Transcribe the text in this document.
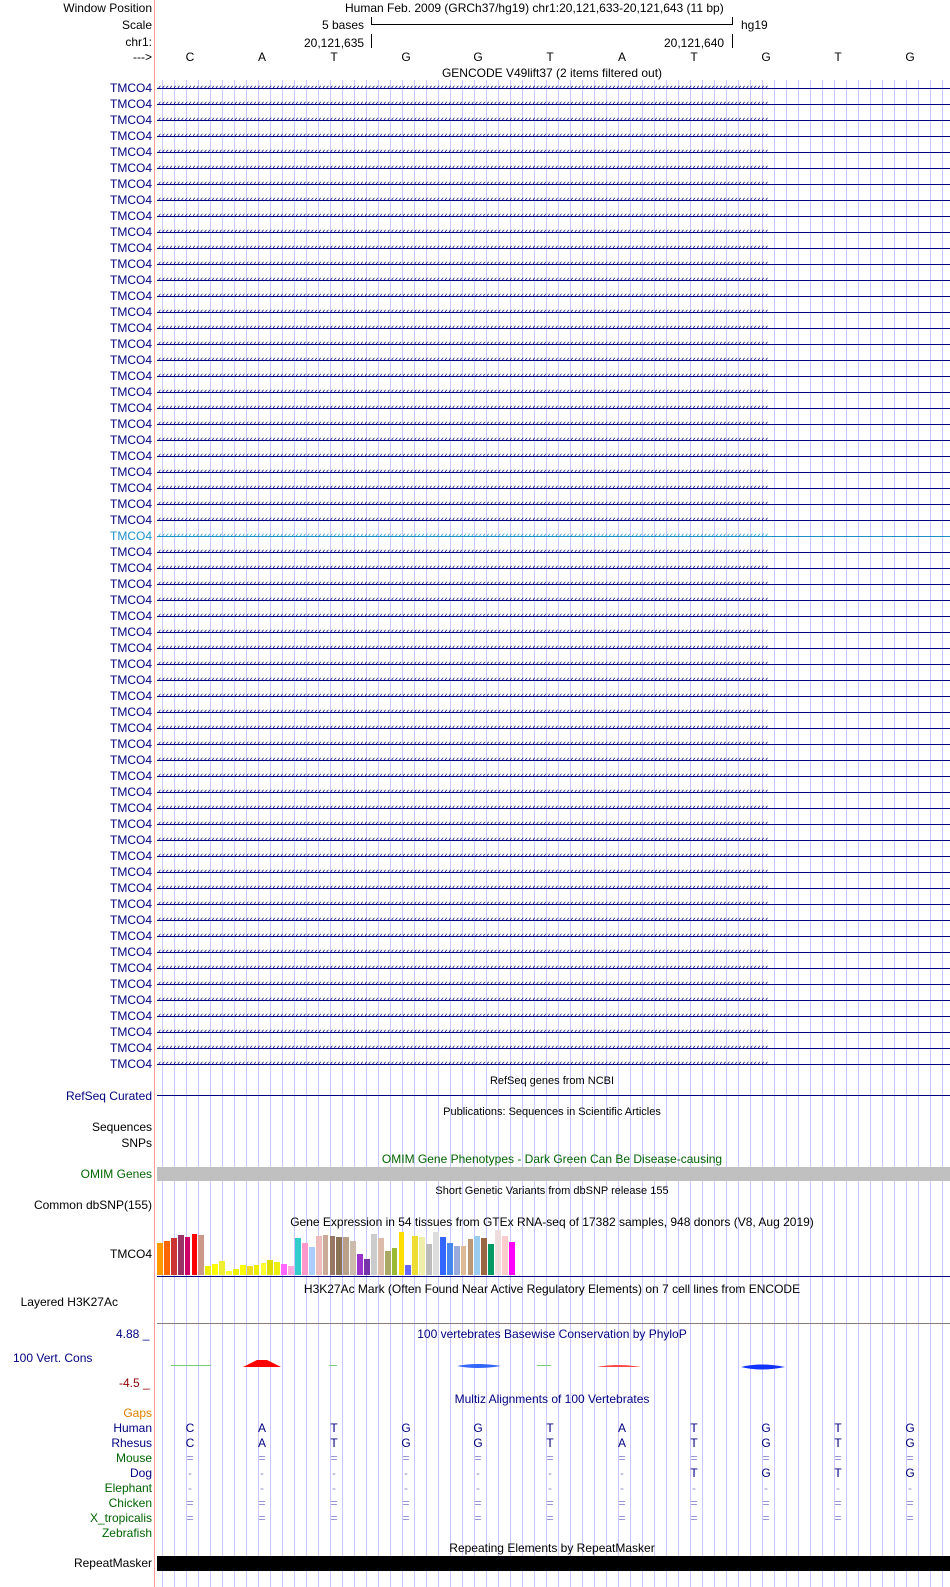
Window Position
Scale
chr1:
--->
Human Feb. 2009 (GRCh37/hg19) chr1:20,121,633-20,121,643 (11 bp)
5 bases	hg19
20,121,635	20,121,640
C	A	T	G	G	T	A	T	G	T	G
GENCODE V49lift37 (2 items filtered out)
TMCO4 ‹‹‹‹‹‹‹‹‹‹‹‹‹‹‹‹‹‹‹‹‹‹‹‹‹‹‹‹‹‹‹‹‹‹‹‹‹‹‹‹‹‹‹‹‹‹‹‹‹‹‹‹‹‹‹‹‹‹‹‹‹‹‹‹‹‹‹‹‹‹‹‹‹‹‹‹‹‹‹‹‹‹‹‹‹‹‹‹‹‹‹‹‹‹‹‹‹‹‹‹‹‹‹‹‹‹‹‹‹‹‹‹‹‹‹‹‹‹‹‹‹‹‹‹‹‹‹‹‹‹‹‹‹‹‹‹‹‹‹‹‹‹‹‹‹‹‹‹‹‹‹‹‹‹‹‹‹‹‹‹
TMCO4 ‹‹‹‹‹‹‹‹‹‹‹‹‹‹‹‹‹‹‹‹‹‹‹‹‹‹‹‹‹‹‹‹‹‹‹‹‹‹‹‹‹‹‹‹‹‹‹‹‹‹‹‹‹‹‹‹‹‹‹‹‹‹‹‹‹‹‹‹‹‹‹‹‹‹‹‹‹‹‹‹‹‹‹‹‹‹‹‹‹‹‹‹‹‹‹‹‹‹‹‹‹‹‹‹‹‹‹‹‹‹‹‹‹‹‹‹‹‹‹‹‹‹‹‹‹‹‹‹‹‹‹‹‹‹‹‹‹‹‹‹‹‹‹‹‹‹‹‹‹‹‹‹‹‹‹‹‹‹‹‹
TMCO4 ‹‹‹‹‹‹‹‹‹‹‹‹‹‹‹‹‹‹‹‹‹‹‹‹‹‹‹‹‹‹‹‹‹‹‹‹‹‹‹‹‹‹‹‹‹‹‹‹‹‹‹‹‹‹‹‹‹‹‹‹‹‹‹‹‹‹‹‹‹‹‹‹‹‹‹‹‹‹‹‹‹‹‹‹‹‹‹‹‹‹‹‹‹‹‹‹‹‹‹‹‹‹‹‹‹‹‹‹‹‹‹‹‹‹‹‹‹‹‹‹‹‹‹‹‹‹‹‹‹‹‹‹‹‹‹‹‹‹‹‹‹‹‹‹‹‹‹‹‹‹‹‹‹‹‹‹‹‹‹‹
TMCO4 ‹‹‹‹‹‹‹‹‹‹‹‹‹‹‹‹‹‹‹‹‹‹‹‹‹‹‹‹‹‹‹‹‹‹‹‹‹‹‹‹‹‹‹‹‹‹‹‹‹‹‹‹‹‹‹‹‹‹‹‹‹‹‹‹‹‹‹‹‹‹‹‹‹‹‹‹‹‹‹‹‹‹‹‹‹‹‹‹‹‹‹‹‹‹‹‹‹‹‹‹‹‹‹‹‹‹‹‹‹‹‹‹‹‹‹‹‹‹‹‹‹‹‹‹‹‹‹‹‹‹‹‹‹‹‹‹‹‹‹‹‹‹‹‹‹‹‹‹‹‹‹‹‹‹‹‹‹‹‹‹
TMCO4 ‹‹‹‹‹‹‹‹‹‹‹‹‹‹‹‹‹‹‹‹‹‹‹‹‹‹‹‹‹‹‹‹‹‹‹‹‹‹‹‹‹‹‹‹‹‹‹‹‹‹‹‹‹‹‹‹‹‹‹‹‹‹‹‹‹‹‹‹‹‹‹‹‹‹‹‹‹‹‹‹‹‹‹‹‹‹‹‹‹‹‹‹‹‹‹‹‹‹‹‹‹‹‹‹‹‹‹‹‹‹‹‹‹‹‹‹‹‹‹‹‹‹‹‹‹‹‹‹‹‹‹‹‹‹‹‹‹‹‹‹‹‹‹‹‹‹‹‹‹‹‹‹‹‹‹‹‹‹‹‹
TMCO4 ‹‹‹‹‹‹‹‹‹‹‹‹‹‹‹‹‹‹‹‹‹‹‹‹‹‹‹‹‹‹‹‹‹‹‹‹‹‹‹‹‹‹‹‹‹‹‹‹‹‹‹‹‹‹‹‹‹‹‹‹‹‹‹‹‹‹‹‹‹‹‹‹‹‹‹‹‹‹‹‹‹‹‹‹‹‹‹‹‹‹‹‹‹‹‹‹‹‹‹‹‹‹‹‹‹‹‹‹‹‹‹‹‹‹‹‹‹‹‹‹‹‹‹‹‹‹‹‹‹‹‹‹‹‹‹‹‹‹‹‹‹‹‹‹‹‹‹‹‹‹‹‹‹‹‹‹‹‹‹‹
TMCO4 ‹‹‹‹‹‹‹‹‹‹‹‹‹‹‹‹‹‹‹‹‹‹‹‹‹‹‹‹‹‹‹‹‹‹‹‹‹‹‹‹‹‹‹‹‹‹‹‹‹‹‹‹‹‹‹‹‹‹‹‹‹‹‹‹‹‹‹‹‹‹‹‹‹‹‹‹‹‹‹‹‹‹‹‹‹‹‹‹‹‹‹‹‹‹‹‹‹‹‹‹‹‹‹‹‹‹‹‹‹‹‹‹‹‹‹‹‹‹‹‹‹‹‹‹‹‹‹‹‹‹‹‹‹‹‹‹‹‹‹‹‹‹‹‹‹‹‹‹‹‹‹‹‹‹‹‹‹‹‹‹
TMCO4 ‹‹‹‹‹‹‹‹‹‹‹‹‹‹‹‹‹‹‹‹‹‹‹‹‹‹‹‹‹‹‹‹‹‹‹‹‹‹‹‹‹‹‹‹‹‹‹‹‹‹‹‹‹‹‹‹‹‹‹‹‹‹‹‹‹‹‹‹‹‹‹‹‹‹‹‹‹‹‹‹‹‹‹‹‹‹‹‹‹‹‹‹‹‹‹‹‹‹‹‹‹‹‹‹‹‹‹‹‹‹‹‹‹‹‹‹‹‹‹‹‹‹‹‹‹‹‹‹‹‹‹‹‹‹‹‹‹‹‹‹‹‹‹‹‹‹‹‹‹‹‹‹‹‹‹‹‹‹‹‹
TMCO4 ‹‹‹‹‹‹‹‹‹‹‹‹‹‹‹‹‹‹‹‹‹‹‹‹‹‹‹‹‹‹‹‹‹‹‹‹‹‹‹‹‹‹‹‹‹‹‹‹‹‹‹‹‹‹‹‹‹‹‹‹‹‹‹‹‹‹‹‹‹‹‹‹‹‹‹‹‹‹‹‹‹‹‹‹‹‹‹‹‹‹‹‹‹‹‹‹‹‹‹‹‹‹‹‹‹‹‹‹‹‹‹‹‹‹‹‹‹‹‹‹‹‹‹‹‹‹‹‹‹‹‹‹‹‹‹‹‹‹‹‹‹‹‹‹‹‹‹‹‹‹‹‹‹‹‹‹‹‹‹‹
TMCO4 ‹‹‹‹‹‹‹‹‹‹‹‹‹‹‹‹‹‹‹‹‹‹‹‹‹‹‹‹‹‹‹‹‹‹‹‹‹‹‹‹‹‹‹‹‹‹‹‹‹‹‹‹‹‹‹‹‹‹‹‹‹‹‹‹‹‹‹‹‹‹‹‹‹‹‹‹‹‹‹‹‹‹‹‹‹‹‹‹‹‹‹‹‹‹‹‹‹‹‹‹‹‹‹‹‹‹‹‹‹‹‹‹‹‹‹‹‹‹‹‹‹‹‹‹‹‹‹‹‹‹‹‹‹‹‹‹‹‹‹‹‹‹‹‹‹‹‹‹‹‹‹‹‹‹‹‹‹‹‹‹
TMCO4 ‹‹‹‹‹‹‹‹‹‹‹‹‹‹‹‹‹‹‹‹‹‹‹‹‹‹‹‹‹‹‹‹‹‹‹‹‹‹‹‹‹‹‹‹‹‹‹‹‹‹‹‹‹‹‹‹‹‹‹‹‹‹‹‹‹‹‹‹‹‹‹‹‹‹‹‹‹‹‹‹‹‹‹‹‹‹‹‹‹‹‹‹‹‹‹‹‹‹‹‹‹‹‹‹‹‹‹‹‹‹‹‹‹‹‹‹‹‹‹‹‹‹‹‹‹‹‹‹‹‹‹‹‹‹‹‹‹‹‹‹‹‹‹‹‹‹‹‹‹‹‹‹‹‹‹‹‹‹‹‹
TMCO4 ‹‹‹‹‹‹‹‹‹‹‹‹‹‹‹‹‹‹‹‹‹‹‹‹‹‹‹‹‹‹‹‹‹‹‹‹‹‹‹‹‹‹‹‹‹‹‹‹‹‹‹‹‹‹‹‹‹‹‹‹‹‹‹‹‹‹‹‹‹‹‹‹‹‹‹‹‹‹‹‹‹‹‹‹‹‹‹‹‹‹‹‹‹‹‹‹‹‹‹‹‹‹‹‹‹‹‹‹‹‹‹‹‹‹‹‹‹‹‹‹‹‹‹‹‹‹‹‹‹‹‹‹‹‹‹‹‹‹‹‹‹‹‹‹‹‹‹‹‹‹‹‹‹‹‹‹‹‹‹‹
TMCO4 ‹‹‹‹‹‹‹‹‹‹‹‹‹‹‹‹‹‹‹‹‹‹‹‹‹‹‹‹‹‹‹‹‹‹‹‹‹‹‹‹‹‹‹‹‹‹‹‹‹‹‹‹‹‹‹‹‹‹‹‹‹‹‹‹‹‹‹‹‹‹‹‹‹‹‹‹‹‹‹‹‹‹‹‹‹‹‹‹‹‹‹‹‹‹‹‹‹‹‹‹‹‹‹‹‹‹‹‹‹‹‹‹‹‹‹‹‹‹‹‹‹‹‹‹‹‹‹‹‹‹‹‹‹‹‹‹‹‹‹‹‹‹‹‹‹‹‹‹‹‹‹‹‹‹‹‹‹‹‹‹
TMCO4 ‹‹‹‹‹‹‹‹‹‹‹‹‹‹‹‹‹‹‹‹‹‹‹‹‹‹‹‹‹‹‹‹‹‹‹‹‹‹‹‹‹‹‹‹‹‹‹‹‹‹‹‹‹‹‹‹‹‹‹‹‹‹‹‹‹‹‹‹‹‹‹‹‹‹‹‹‹‹‹‹‹‹‹‹‹‹‹‹‹‹‹‹‹‹‹‹‹‹‹‹‹‹‹‹‹‹‹‹‹‹‹‹‹‹‹‹‹‹‹‹‹‹‹‹‹‹‹‹‹‹‹‹‹‹‹‹‹‹‹‹‹‹‹‹‹‹‹‹‹‹‹‹‹‹‹‹‹‹‹‹
TMCO4 ‹‹‹‹‹‹‹‹‹‹‹‹‹‹‹‹‹‹‹‹‹‹‹‹‹‹‹‹‹‹‹‹‹‹‹‹‹‹‹‹‹‹‹‹‹‹‹‹‹‹‹‹‹‹‹‹‹‹‹‹‹‹‹‹‹‹‹‹‹‹‹‹‹‹‹‹‹‹‹‹‹‹‹‹‹‹‹‹‹‹‹‹‹‹‹‹‹‹‹‹‹‹‹‹‹‹‹‹‹‹‹‹‹‹‹‹‹‹‹‹‹‹‹‹‹‹‹‹‹‹‹‹‹‹‹‹‹‹‹‹‹‹‹‹‹‹‹‹‹‹‹‹‹‹‹‹‹‹‹‹
TMCO4 ‹‹‹‹‹‹‹‹‹‹‹‹‹‹‹‹‹‹‹‹‹‹‹‹‹‹‹‹‹‹‹‹‹‹‹‹‹‹‹‹‹‹‹‹‹‹‹‹‹‹‹‹‹‹‹‹‹‹‹‹‹‹‹‹‹‹‹‹‹‹‹‹‹‹‹‹‹‹‹‹‹‹‹‹‹‹‹‹‹‹‹‹‹‹‹‹‹‹‹‹‹‹‹‹‹‹‹‹‹‹‹‹‹‹‹‹‹‹‹‹‹‹‹‹‹‹‹‹‹‹‹‹‹‹‹‹‹‹‹‹‹‹‹‹‹‹‹‹‹‹‹‹‹‹‹‹‹‹‹‹
TMCO4 ‹‹‹‹‹‹‹‹‹‹‹‹‹‹‹‹‹‹‹‹‹‹‹‹‹‹‹‹‹‹‹‹‹‹‹‹‹‹‹‹‹‹‹‹‹‹‹‹‹‹‹‹‹‹‹‹‹‹‹‹‹‹‹‹‹‹‹‹‹‹‹‹‹‹‹‹‹‹‹‹‹‹‹‹‹‹‹‹‹‹‹‹‹‹‹‹‹‹‹‹‹‹‹‹‹‹‹‹‹‹‹‹‹‹‹‹‹‹‹‹‹‹‹‹‹‹‹‹‹‹‹‹‹‹‹‹‹‹‹‹‹‹‹‹‹‹‹‹‹‹‹‹‹‹‹‹‹‹‹‹
TMCO4 ‹‹‹‹‹‹‹‹‹‹‹‹‹‹‹‹‹‹‹‹‹‹‹‹‹‹‹‹‹‹‹‹‹‹‹‹‹‹‹‹‹‹‹‹‹‹‹‹‹‹‹‹‹‹‹‹‹‹‹‹‹‹‹‹‹‹‹‹‹‹‹‹‹‹‹‹‹‹‹‹‹‹‹‹‹‹‹‹‹‹‹‹‹‹‹‹‹‹‹‹‹‹‹‹‹‹‹‹‹‹‹‹‹‹‹‹‹‹‹‹‹‹‹‹‹‹‹‹‹‹‹‹‹‹‹‹‹‹‹‹‹‹‹‹‹‹‹‹‹‹‹‹‹‹‹‹‹‹‹‹
TMCO4 ‹‹‹‹‹‹‹‹‹‹‹‹‹‹‹‹‹‹‹‹‹‹‹‹‹‹‹‹‹‹‹‹‹‹‹‹‹‹‹‹‹‹‹‹‹‹‹‹‹‹‹‹‹‹‹‹‹‹‹‹‹‹‹‹‹‹‹‹‹‹‹‹‹‹‹‹‹‹‹‹‹‹‹‹‹‹‹‹‹‹‹‹‹‹‹‹‹‹‹‹‹‹‹‹‹‹‹‹‹‹‹‹‹‹‹‹‹‹‹‹‹‹‹‹‹‹‹‹‹‹‹‹‹‹‹‹‹‹‹‹‹‹‹‹‹‹‹‹‹‹‹‹‹‹‹‹‹‹‹‹
TMCO4 ‹‹‹‹‹‹‹‹‹‹‹‹‹‹‹‹‹‹‹‹‹‹‹‹‹‹‹‹‹‹‹‹‹‹‹‹‹‹‹‹‹‹‹‹‹‹‹‹‹‹‹‹‹‹‹‹‹‹‹‹‹‹‹‹‹‹‹‹‹‹‹‹‹‹‹‹‹‹‹‹‹‹‹‹‹‹‹‹‹‹‹‹‹‹‹‹‹‹‹‹‹‹‹‹‹‹‹‹‹‹‹‹‹‹‹‹‹‹‹‹‹‹‹‹‹‹‹‹‹‹‹‹‹‹‹‹‹‹‹‹‹‹‹‹‹‹‹‹‹‹‹‹‹‹‹‹‹‹‹‹
TMCO4 ‹‹‹‹‹‹‹‹‹‹‹‹‹‹‹‹‹‹‹‹‹‹‹‹‹‹‹‹‹‹‹‹‹‹‹‹‹‹‹‹‹‹‹‹‹‹‹‹‹‹‹‹‹‹‹‹‹‹‹‹‹‹‹‹‹‹‹‹‹‹‹‹‹‹‹‹‹‹‹‹‹‹‹‹‹‹‹‹‹‹‹‹‹‹‹‹‹‹‹‹‹‹‹‹‹‹‹‹‹‹‹‹‹‹‹‹‹‹‹‹‹‹‹‹‹‹‹‹‹‹‹‹‹‹‹‹‹‹‹‹‹‹‹‹‹‹‹‹‹‹‹‹‹‹‹‹‹‹‹‹
TMCO4 ‹‹‹‹‹‹‹‹‹‹‹‹‹‹‹‹‹‹‹‹‹‹‹‹‹‹‹‹‹‹‹‹‹‹‹‹‹‹‹‹‹‹‹‹‹‹‹‹‹‹‹‹‹‹‹‹‹‹‹‹‹‹‹‹‹‹‹‹‹‹‹‹‹‹‹‹‹‹‹‹‹‹‹‹‹‹‹‹‹‹‹‹‹‹‹‹‹‹‹‹‹‹‹‹‹‹‹‹‹‹‹‹‹‹‹‹‹‹‹‹‹‹‹‹‹‹‹‹‹‹‹‹‹‹‹‹‹‹‹‹‹‹‹‹‹‹‹‹‹‹‹‹‹‹‹‹‹‹‹‹
TMCO4 ‹‹‹‹‹‹‹‹‹‹‹‹‹‹‹‹‹‹‹‹‹‹‹‹‹‹‹‹‹‹‹‹‹‹‹‹‹‹‹‹‹‹‹‹‹‹‹‹‹‹‹‹‹‹‹‹‹‹‹‹‹‹‹‹‹‹‹‹‹‹‹‹‹‹‹‹‹‹‹‹‹‹‹‹‹‹‹‹‹‹‹‹‹‹‹‹‹‹‹‹‹‹‹‹‹‹‹‹‹‹‹‹‹‹‹‹‹‹‹‹‹‹‹‹‹‹‹‹‹‹‹‹‹‹‹‹‹‹‹‹‹‹‹‹‹‹‹‹‹‹‹‹‹‹‹‹‹‹‹‹
TMCO4 ‹‹‹‹‹‹‹‹‹‹‹‹‹‹‹‹‹‹‹‹‹‹‹‹‹‹‹‹‹‹‹‹‹‹‹‹‹‹‹‹‹‹‹‹‹‹‹‹‹‹‹‹‹‹‹‹‹‹‹‹‹‹‹‹‹‹‹‹‹‹‹‹‹‹‹‹‹‹‹‹‹‹‹‹‹‹‹‹‹‹‹‹‹‹‹‹‹‹‹‹‹‹‹‹‹‹‹‹‹‹‹‹‹‹‹‹‹‹‹‹‹‹‹‹‹‹‹‹‹‹‹‹‹‹‹‹‹‹‹‹‹‹‹‹‹‹‹‹‹‹‹‹‹‹‹‹‹‹‹‹
TMCO4 ‹‹‹‹‹‹‹‹‹‹‹‹‹‹‹‹‹‹‹‹‹‹‹‹‹‹‹‹‹‹‹‹‹‹‹‹‹‹‹‹‹‹‹‹‹‹‹‹‹‹‹‹‹‹‹‹‹‹‹‹‹‹‹‹‹‹‹‹‹‹‹‹‹‹‹‹‹‹‹‹‹‹‹‹‹‹‹‹‹‹‹‹‹‹‹‹‹‹‹‹‹‹‹‹‹‹‹‹‹‹‹‹‹‹‹‹‹‹‹‹‹‹‹‹‹‹‹‹‹‹‹‹‹‹‹‹‹‹‹‹‹‹‹‹‹‹‹‹‹‹‹‹‹‹‹‹‹‹‹‹
TMCO4 ‹‹‹‹‹‹‹‹‹‹‹‹‹‹‹‹‹‹‹‹‹‹‹‹‹‹‹‹‹‹‹‹‹‹‹‹‹‹‹‹‹‹‹‹‹‹‹‹‹‹‹‹‹‹‹‹‹‹‹‹‹‹‹‹‹‹‹‹‹‹‹‹‹‹‹‹‹‹‹‹‹‹‹‹‹‹‹‹‹‹‹‹‹‹‹‹‹‹‹‹‹‹‹‹‹‹‹‹‹‹‹‹‹‹‹‹‹‹‹‹‹‹‹‹‹‹‹‹‹‹‹‹‹‹‹‹‹‹‹‹‹‹‹‹‹‹‹‹‹‹‹‹‹‹‹‹‹‹‹‹
TMCO4 ‹‹‹‹‹‹‹‹‹‹‹‹‹‹‹‹‹‹‹‹‹‹‹‹‹‹‹‹‹‹‹‹‹‹‹‹‹‹‹‹‹‹‹‹‹‹‹‹‹‹‹‹‹‹‹‹‹‹‹‹‹‹‹‹‹‹‹‹‹‹‹‹‹‹‹‹‹‹‹‹‹‹‹‹‹‹‹‹‹‹‹‹‹‹‹‹‹‹‹‹‹‹‹‹‹‹‹‹‹‹‹‹‹‹‹‹‹‹‹‹‹‹‹‹‹‹‹‹‹‹‹‹‹‹‹‹‹‹‹‹‹‹‹‹‹‹‹‹‹‹‹‹‹‹‹‹‹‹‹‹
TMCO4 ‹‹‹‹‹‹‹‹‹‹‹‹‹‹‹‹‹‹‹‹‹‹‹‹‹‹‹‹‹‹‹‹‹‹‹‹‹‹‹‹‹‹‹‹‹‹‹‹‹‹‹‹‹‹‹‹‹‹‹‹‹‹‹‹‹‹‹‹‹‹‹‹‹‹‹‹‹‹‹‹‹‹‹‹‹‹‹‹‹‹‹‹‹‹‹‹‹‹‹‹‹‹‹‹‹‹‹‹‹‹‹‹‹‹‹‹‹‹‹‹‹‹‹‹‹‹‹‹‹‹‹‹‹‹‹‹‹‹‹‹‹‹‹‹‹‹‹‹‹‹‹‹‹‹‹‹‹‹‹‹
TMCO4 ‹‹‹‹‹‹‹‹‹‹‹‹‹‹‹‹‹‹‹‹‹‹‹‹‹‹‹‹‹‹‹‹‹‹‹‹‹‹‹‹‹‹‹‹‹‹‹‹‹‹‹‹‹‹‹‹‹‹‹‹‹‹‹‹‹‹‹‹‹‹‹‹‹‹‹‹‹‹‹‹‹‹‹‹‹‹‹‹‹‹‹‹‹‹‹‹‹‹‹‹‹‹‹‹‹‹‹‹‹‹‹‹‹‹‹‹‹‹‹‹‹‹‹‹‹‹‹‹‹‹‹‹‹‹‹‹‹‹‹‹‹‹‹‹‹‹‹‹‹‹‹‹‹‹‹‹‹‹‹‹
TMCO4 ‹‹‹‹‹‹‹‹‹‹‹‹‹‹‹‹‹‹‹‹‹‹‹‹‹‹‹‹‹‹‹‹‹‹‹‹‹‹‹‹‹‹‹‹‹‹‹‹‹‹‹‹‹‹‹‹‹‹‹‹‹‹‹‹‹‹‹‹‹‹‹‹‹‹‹‹‹‹‹‹‹‹‹‹‹‹‹‹‹‹‹‹‹‹‹‹‹‹‹‹‹‹‹‹‹‹‹‹‹‹‹‹‹‹‹‹‹‹‹‹‹‹‹‹‹‹‹‹‹‹‹‹‹‹‹‹‹‹‹‹‹‹‹‹‹‹‹‹‹‹‹‹‹‹‹‹‹‹‹‹
TMCO4 ‹‹‹‹‹‹‹‹‹‹‹‹‹‹‹‹‹‹‹‹‹‹‹‹‹‹‹‹‹‹‹‹‹‹‹‹‹‹‹‹‹‹‹‹‹‹‹‹‹‹‹‹‹‹‹‹‹‹‹‹‹‹‹‹‹‹‹‹‹‹‹‹‹‹‹‹‹‹‹‹‹‹‹‹‹‹‹‹‹‹‹‹‹‹‹‹‹‹‹‹‹‹‹‹‹‹‹‹‹‹‹‹‹‹‹‹‹‹‹‹‹‹‹‹‹‹‹‹‹‹‹‹‹‹‹‹‹‹‹‹‹‹‹‹‹‹‹‹‹‹‹‹‹‹‹‹‹‹‹‹
TMCO4 ‹‹‹‹‹‹‹‹‹‹‹‹‹‹‹‹‹‹‹‹‹‹‹‹‹‹‹‹‹‹‹‹‹‹‹‹‹‹‹‹‹‹‹‹‹‹‹‹‹‹‹‹‹‹‹‹‹‹‹‹‹‹‹‹‹‹‹‹‹‹‹‹‹‹‹‹‹‹‹‹‹‹‹‹‹‹‹‹‹‹‹‹‹‹‹‹‹‹‹‹‹‹‹‹‹‹‹‹‹‹‹‹‹‹‹‹‹‹‹‹‹‹‹‹‹‹‹‹‹‹‹‹‹‹‹‹‹‹‹‹‹‹‹‹‹‹‹‹‹‹‹‹‹‹‹‹‹‹‹‹
TMCO4 ‹‹‹‹‹‹‹‹‹‹‹‹‹‹‹‹‹‹‹‹‹‹‹‹‹‹‹‹‹‹‹‹‹‹‹‹‹‹‹‹‹‹‹‹‹‹‹‹‹‹‹‹‹‹‹‹‹‹‹‹‹‹‹‹‹‹‹‹‹‹‹‹‹‹‹‹‹‹‹‹‹‹‹‹‹‹‹‹‹‹‹‹‹‹‹‹‹‹‹‹‹‹‹‹‹‹‹‹‹‹‹‹‹‹‹‹‹‹‹‹‹‹‹‹‹‹‹‹‹‹‹‹‹‹‹‹‹‹‹‹‹‹‹‹‹‹‹‹‹‹‹‹‹‹‹‹‹‹‹‹
TMCO4 ‹‹‹‹‹‹‹‹‹‹‹‹‹‹‹‹‹‹‹‹‹‹‹‹‹‹‹‹‹‹‹‹‹‹‹‹‹‹‹‹‹‹‹‹‹‹‹‹‹‹‹‹‹‹‹‹‹‹‹‹‹‹‹‹‹‹‹‹‹‹‹‹‹‹‹‹‹‹‹‹‹‹‹‹‹‹‹‹‹‹‹‹‹‹‹‹‹‹‹‹‹‹‹‹‹‹‹‹‹‹‹‹‹‹‹‹‹‹‹‹‹‹‹‹‹‹‹‹‹‹‹‹‹‹‹‹‹‹‹‹‹‹‹‹‹‹‹‹‹‹‹‹‹‹‹‹‹‹‹‹
TMCO4 ‹‹‹‹‹‹‹‹‹‹‹‹‹‹‹‹‹‹‹‹‹‹‹‹‹‹‹‹‹‹‹‹‹‹‹‹‹‹‹‹‹‹‹‹‹‹‹‹‹‹‹‹‹‹‹‹‹‹‹‹‹‹‹‹‹‹‹‹‹‹‹‹‹‹‹‹‹‹‹‹‹‹‹‹‹‹‹‹‹‹‹‹‹‹‹‹‹‹‹‹‹‹‹‹‹‹‹‹‹‹‹‹‹‹‹‹‹‹‹‹‹‹‹‹‹‹‹‹‹‹‹‹‹‹‹‹‹‹‹‹‹‹‹‹‹‹‹‹‹‹‹‹‹‹‹‹‹‹‹‹
TMCO4 ‹‹‹‹‹‹‹‹‹‹‹‹‹‹‹‹‹‹‹‹‹‹‹‹‹‹‹‹‹‹‹‹‹‹‹‹‹‹‹‹‹‹‹‹‹‹‹‹‹‹‹‹‹‹‹‹‹‹‹‹‹‹‹‹‹‹‹‹‹‹‹‹‹‹‹‹‹‹‹‹‹‹‹‹‹‹‹‹‹‹‹‹‹‹‹‹‹‹‹‹‹‹‹‹‹‹‹‹‹‹‹‹‹‹‹‹‹‹‹‹‹‹‹‹‹‹‹‹‹‹‹‹‹‹‹‹‹‹‹‹‹‹‹‹‹‹‹‹‹‹‹‹‹‹‹‹‹‹‹‹
TMCO4 ‹‹‹‹‹‹‹‹‹‹‹‹‹‹‹‹‹‹‹‹‹‹‹‹‹‹‹‹‹‹‹‹‹‹‹‹‹‹‹‹‹‹‹‹‹‹‹‹‹‹‹‹‹‹‹‹‹‹‹‹‹‹‹‹‹‹‹‹‹‹‹‹‹‹‹‹‹‹‹‹‹‹‹‹‹‹‹‹‹‹‹‹‹‹‹‹‹‹‹‹‹‹‹‹‹‹‹‹‹‹‹‹‹‹‹‹‹‹‹‹‹‹‹‹‹‹‹‹‹‹‹‹‹‹‹‹‹‹‹‹‹‹‹‹‹‹‹‹‹‹‹‹‹‹‹‹‹‹‹‹
TMCO4 ‹‹‹‹‹‹‹‹‹‹‹‹‹‹‹‹‹‹‹‹‹‹‹‹‹‹‹‹‹‹‹‹‹‹‹‹‹‹‹‹‹‹‹‹‹‹‹‹‹‹‹‹‹‹‹‹‹‹‹‹‹‹‹‹‹‹‹‹‹‹‹‹‹‹‹‹‹‹‹‹‹‹‹‹‹‹‹‹‹‹‹‹‹‹‹‹‹‹‹‹‹‹‹‹‹‹‹‹‹‹‹‹‹‹‹‹‹‹‹‹‹‹‹‹‹‹‹‹‹‹‹‹‹‹‹‹‹‹‹‹‹‹‹‹‹‹‹‹‹‹‹‹‹‹‹‹‹‹‹‹
TMCO4 ‹‹‹‹‹‹‹‹‹‹‹‹‹‹‹‹‹‹‹‹‹‹‹‹‹‹‹‹‹‹‹‹‹‹‹‹‹‹‹‹‹‹‹‹‹‹‹‹‹‹‹‹‹‹‹‹‹‹‹‹‹‹‹‹‹‹‹‹‹‹‹‹‹‹‹‹‹‹‹‹‹‹‹‹‹‹‹‹‹‹‹‹‹‹‹‹‹‹‹‹‹‹‹‹‹‹‹‹‹‹‹‹‹‹‹‹‹‹‹‹‹‹‹‹‹‹‹‹‹‹‹‹‹‹‹‹‹‹‹‹‹‹‹‹‹‹‹‹‹‹‹‹‹‹‹‹‹‹‹‹
TMCO4 ‹‹‹‹‹‹‹‹‹‹‹‹‹‹‹‹‹‹‹‹‹‹‹‹‹‹‹‹‹‹‹‹‹‹‹‹‹‹‹‹‹‹‹‹‹‹‹‹‹‹‹‹‹‹‹‹‹‹‹‹‹‹‹‹‹‹‹‹‹‹‹‹‹‹‹‹‹‹‹‹‹‹‹‹‹‹‹‹‹‹‹‹‹‹‹‹‹‹‹‹‹‹‹‹‹‹‹‹‹‹‹‹‹‹‹‹‹‹‹‹‹‹‹‹‹‹‹‹‹‹‹‹‹‹‹‹‹‹‹‹‹‹‹‹‹‹‹‹‹‹‹‹‹‹‹‹‹‹‹‹
TMCO4 ‹‹‹‹‹‹‹‹‹‹‹‹‹‹‹‹‹‹‹‹‹‹‹‹‹‹‹‹‹‹‹‹‹‹‹‹‹‹‹‹‹‹‹‹‹‹‹‹‹‹‹‹‹‹‹‹‹‹‹‹‹‹‹‹‹‹‹‹‹‹‹‹‹‹‹‹‹‹‹‹‹‹‹‹‹‹‹‹‹‹‹‹‹‹‹‹‹‹‹‹‹‹‹‹‹‹‹‹‹‹‹‹‹‹‹‹‹‹‹‹‹‹‹‹‹‹‹‹‹‹‹‹‹‹‹‹‹‹‹‹‹‹‹‹‹‹‹‹‹‹‹‹‹‹‹‹‹‹‹‹
TMCO4 ‹‹‹‹‹‹‹‹‹‹‹‹‹‹‹‹‹‹‹‹‹‹‹‹‹‹‹‹‹‹‹‹‹‹‹‹‹‹‹‹‹‹‹‹‹‹‹‹‹‹‹‹‹‹‹‹‹‹‹‹‹‹‹‹‹‹‹‹‹‹‹‹‹‹‹‹‹‹‹‹‹‹‹‹‹‹‹‹‹‹‹‹‹‹‹‹‹‹‹‹‹‹‹‹‹‹‹‹‹‹‹‹‹‹‹‹‹‹‹‹‹‹‹‹‹‹‹‹‹‹‹‹‹‹‹‹‹‹‹‹‹‹‹‹‹‹‹‹‹‹‹‹‹‹‹‹‹‹‹‹
TMCO4 ‹‹‹‹‹‹‹‹‹‹‹‹‹‹‹‹‹‹‹‹‹‹‹‹‹‹‹‹‹‹‹‹‹‹‹‹‹‹‹‹‹‹‹‹‹‹‹‹‹‹‹‹‹‹‹‹‹‹‹‹‹‹‹‹‹‹‹‹‹‹‹‹‹‹‹‹‹‹‹‹‹‹‹‹‹‹‹‹‹‹‹‹‹‹‹‹‹‹‹‹‹‹‹‹‹‹‹‹‹‹‹‹‹‹‹‹‹‹‹‹‹‹‹‹‹‹‹‹‹‹‹‹‹‹‹‹‹‹‹‹‹‹‹‹‹‹‹‹‹‹‹‹‹‹‹‹‹‹‹‹
TMCO4 ‹‹‹‹‹‹‹‹‹‹‹‹‹‹‹‹‹‹‹‹‹‹‹‹‹‹‹‹‹‹‹‹‹‹‹‹‹‹‹‹‹‹‹‹‹‹‹‹‹‹‹‹‹‹‹‹‹‹‹‹‹‹‹‹‹‹‹‹‹‹‹‹‹‹‹‹‹‹‹‹‹‹‹‹‹‹‹‹‹‹‹‹‹‹‹‹‹‹‹‹‹‹‹‹‹‹‹‹‹‹‹‹‹‹‹‹‹‹‹‹‹‹‹‹‹‹‹‹‹‹‹‹‹‹‹‹‹‹‹‹‹‹‹‹‹‹‹‹‹‹‹‹‹‹‹‹‹‹‹‹
TMCO4 ‹‹‹‹‹‹‹‹‹‹‹‹‹‹‹‹‹‹‹‹‹‹‹‹‹‹‹‹‹‹‹‹‹‹‹‹‹‹‹‹‹‹‹‹‹‹‹‹‹‹‹‹‹‹‹‹‹‹‹‹‹‹‹‹‹‹‹‹‹‹‹‹‹‹‹‹‹‹‹‹‹‹‹‹‹‹‹‹‹‹‹‹‹‹‹‹‹‹‹‹‹‹‹‹‹‹‹‹‹‹‹‹‹‹‹‹‹‹‹‹‹‹‹‹‹‹‹‹‹‹‹‹‹‹‹‹‹‹‹‹‹‹‹‹‹‹‹‹‹‹‹‹‹‹‹‹‹‹‹‹
TMCO4 ‹‹‹‹‹‹‹‹‹‹‹‹‹‹‹‹‹‹‹‹‹‹‹‹‹‹‹‹‹‹‹‹‹‹‹‹‹‹‹‹‹‹‹‹‹‹‹‹‹‹‹‹‹‹‹‹‹‹‹‹‹‹‹‹‹‹‹‹‹‹‹‹‹‹‹‹‹‹‹‹‹‹‹‹‹‹‹‹‹‹‹‹‹‹‹‹‹‹‹‹‹‹‹‹‹‹‹‹‹‹‹‹‹‹‹‹‹‹‹‹‹‹‹‹‹‹‹‹‹‹‹‹‹‹‹‹‹‹‹‹‹‹‹‹‹‹‹‹‹‹‹‹‹‹‹‹‹‹‹‹
TMCO4 ‹‹‹‹‹‹‹‹‹‹‹‹‹‹‹‹‹‹‹‹‹‹‹‹‹‹‹‹‹‹‹‹‹‹‹‹‹‹‹‹‹‹‹‹‹‹‹‹‹‹‹‹‹‹‹‹‹‹‹‹‹‹‹‹‹‹‹‹‹‹‹‹‹‹‹‹‹‹‹‹‹‹‹‹‹‹‹‹‹‹‹‹‹‹‹‹‹‹‹‹‹‹‹‹‹‹‹‹‹‹‹‹‹‹‹‹‹‹‹‹‹‹‹‹‹‹‹‹‹‹‹‹‹‹‹‹‹‹‹‹‹‹‹‹‹‹‹‹‹‹‹‹‹‹‹‹‹‹‹‹
TMCO4 ‹‹‹‹‹‹‹‹‹‹‹‹‹‹‹‹‹‹‹‹‹‹‹‹‹‹‹‹‹‹‹‹‹‹‹‹‹‹‹‹‹‹‹‹‹‹‹‹‹‹‹‹‹‹‹‹‹‹‹‹‹‹‹‹‹‹‹‹‹‹‹‹‹‹‹‹‹‹‹‹‹‹‹‹‹‹‹‹‹‹‹‹‹‹‹‹‹‹‹‹‹‹‹‹‹‹‹‹‹‹‹‹‹‹‹‹‹‹‹‹‹‹‹‹‹‹‹‹‹‹‹‹‹‹‹‹‹‹‹‹‹‹‹‹‹‹‹‹‹‹‹‹‹‹‹‹‹‹‹‹
TMCO4 ‹‹‹‹‹‹‹‹‹‹‹‹‹‹‹‹‹‹‹‹‹‹‹‹‹‹‹‹‹‹‹‹‹‹‹‹‹‹‹‹‹‹‹‹‹‹‹‹‹‹‹‹‹‹‹‹‹‹‹‹‹‹‹‹‹‹‹‹‹‹‹‹‹‹‹‹‹‹‹‹‹‹‹‹‹‹‹‹‹‹‹‹‹‹‹‹‹‹‹‹‹‹‹‹‹‹‹‹‹‹‹‹‹‹‹‹‹‹‹‹‹‹‹‹‹‹‹‹‹‹‹‹‹‹‹‹‹‹‹‹‹‹‹‹‹‹‹‹‹‹‹‹‹‹‹‹‹‹‹‹
TMCO4 ‹‹‹‹‹‹‹‹‹‹‹‹‹‹‹‹‹‹‹‹‹‹‹‹‹‹‹‹‹‹‹‹‹‹‹‹‹‹‹‹‹‹‹‹‹‹‹‹‹‹‹‹‹‹‹‹‹‹‹‹‹‹‹‹‹‹‹‹‹‹‹‹‹‹‹‹‹‹‹‹‹‹‹‹‹‹‹‹‹‹‹‹‹‹‹‹‹‹‹‹‹‹‹‹‹‹‹‹‹‹‹‹‹‹‹‹‹‹‹‹‹‹‹‹‹‹‹‹‹‹‹‹‹‹‹‹‹‹‹‹‹‹‹‹‹‹‹‹‹‹‹‹‹‹‹‹‹‹‹‹
TMCO4 ‹‹‹‹‹‹‹‹‹‹‹‹‹‹‹‹‹‹‹‹‹‹‹‹‹‹‹‹‹‹‹‹‹‹‹‹‹‹‹‹‹‹‹‹‹‹‹‹‹‹‹‹‹‹‹‹‹‹‹‹‹‹‹‹‹‹‹‹‹‹‹‹‹‹‹‹‹‹‹‹‹‹‹‹‹‹‹‹‹‹‹‹‹‹‹‹‹‹‹‹‹‹‹‹‹‹‹‹‹‹‹‹‹‹‹‹‹‹‹‹‹‹‹‹‹‹‹‹‹‹‹‹‹‹‹‹‹‹‹‹‹‹‹‹‹‹‹‹‹‹‹‹‹‹‹‹‹‹‹‹
TMCO4 ‹‹‹‹‹‹‹‹‹‹‹‹‹‹‹‹‹‹‹‹‹‹‹‹‹‹‹‹‹‹‹‹‹‹‹‹‹‹‹‹‹‹‹‹‹‹‹‹‹‹‹‹‹‹‹‹‹‹‹‹‹‹‹‹‹‹‹‹‹‹‹‹‹‹‹‹‹‹‹‹‹‹‹‹‹‹‹‹‹‹‹‹‹‹‹‹‹‹‹‹‹‹‹‹‹‹‹‹‹‹‹‹‹‹‹‹‹‹‹‹‹‹‹‹‹‹‹‹‹‹‹‹‹‹‹‹‹‹‹‹‹‹‹‹‹‹‹‹‹‹‹‹‹‹‹‹‹‹‹‹
TMCO4 ‹‹‹‹‹‹‹‹‹‹‹‹‹‹‹‹‹‹‹‹‹‹‹‹‹‹‹‹‹‹‹‹‹‹‹‹‹‹‹‹‹‹‹‹‹‹‹‹‹‹‹‹‹‹‹‹‹‹‹‹‹‹‹‹‹‹‹‹‹‹‹‹‹‹‹‹‹‹‹‹‹‹‹‹‹‹‹‹‹‹‹‹‹‹‹‹‹‹‹‹‹‹‹‹‹‹‹‹‹‹‹‹‹‹‹‹‹‹‹‹‹‹‹‹‹‹‹‹‹‹‹‹‹‹‹‹‹‹‹‹‹‹‹‹‹‹‹‹‹‹‹‹‹‹‹‹‹‹‹‹
TMCO4 ‹‹‹‹‹‹‹‹‹‹‹‹‹‹‹‹‹‹‹‹‹‹‹‹‹‹‹‹‹‹‹‹‹‹‹‹‹‹‹‹‹‹‹‹‹‹‹‹‹‹‹‹‹‹‹‹‹‹‹‹‹‹‹‹‹‹‹‹‹‹‹‹‹‹‹‹‹‹‹‹‹‹‹‹‹‹‹‹‹‹‹‹‹‹‹‹‹‹‹‹‹‹‹‹‹‹‹‹‹‹‹‹‹‹‹‹‹‹‹‹‹‹‹‹‹‹‹‹‹‹‹‹‹‹‹‹‹‹‹‹‹‹‹‹‹‹‹‹‹‹‹‹‹‹‹‹‹‹‹‹
TMCO4 ‹‹‹‹‹‹‹‹‹‹‹‹‹‹‹‹‹‹‹‹‹‹‹‹‹‹‹‹‹‹‹‹‹‹‹‹‹‹‹‹‹‹‹‹‹‹‹‹‹‹‹‹‹‹‹‹‹‹‹‹‹‹‹‹‹‹‹‹‹‹‹‹‹‹‹‹‹‹‹‹‹‹‹‹‹‹‹‹‹‹‹‹‹‹‹‹‹‹‹‹‹‹‹‹‹‹‹‹‹‹‹‹‹‹‹‹‹‹‹‹‹‹‹‹‹‹‹‹‹‹‹‹‹‹‹‹‹‹‹‹‹‹‹‹‹‹‹‹‹‹‹‹‹‹‹‹‹‹‹‹
TMCO4 ‹‹‹‹‹‹‹‹‹‹‹‹‹‹‹‹‹‹‹‹‹‹‹‹‹‹‹‹‹‹‹‹‹‹‹‹‹‹‹‹‹‹‹‹‹‹‹‹‹‹‹‹‹‹‹‹‹‹‹‹‹‹‹‹‹‹‹‹‹‹‹‹‹‹‹‹‹‹‹‹‹‹‹‹‹‹‹‹‹‹‹‹‹‹‹‹‹‹‹‹‹‹‹‹‹‹‹‹‹‹‹‹‹‹‹‹‹‹‹‹‹‹‹‹‹‹‹‹‹‹‹‹‹‹‹‹‹‹‹‹‹‹‹‹‹‹‹‹‹‹‹‹‹‹‹‹‹‹‹‹
TMCO4 ‹‹‹‹‹‹‹‹‹‹‹‹‹‹‹‹‹‹‹‹‹‹‹‹‹‹‹‹‹‹‹‹‹‹‹‹‹‹‹‹‹‹‹‹‹‹‹‹‹‹‹‹‹‹‹‹‹‹‹‹‹‹‹‹‹‹‹‹‹‹‹‹‹‹‹‹‹‹‹‹‹‹‹‹‹‹‹‹‹‹‹‹‹‹‹‹‹‹‹‹‹‹‹‹‹‹‹‹‹‹‹‹‹‹‹‹‹‹‹‹‹‹‹‹‹‹‹‹‹‹‹‹‹‹‹‹‹‹‹‹‹‹‹‹‹‹‹‹‹‹‹‹‹‹‹‹‹‹‹‹
TMCO4 ‹‹‹‹‹‹‹‹‹‹‹‹‹‹‹‹‹‹‹‹‹‹‹‹‹‹‹‹‹‹‹‹‹‹‹‹‹‹‹‹‹‹‹‹‹‹‹‹‹‹‹‹‹‹‹‹‹‹‹‹‹‹‹‹‹‹‹‹‹‹‹‹‹‹‹‹‹‹‹‹‹‹‹‹‹‹‹‹‹‹‹‹‹‹‹‹‹‹‹‹‹‹‹‹‹‹‹‹‹‹‹‹‹‹‹‹‹‹‹‹‹‹‹‹‹‹‹‹‹‹‹‹‹‹‹‹‹‹‹‹‹‹‹‹‹‹‹‹‹‹‹‹‹‹‹‹‹‹‹‹
TMCO4 ‹‹‹‹‹‹‹‹‹‹‹‹‹‹‹‹‹‹‹‹‹‹‹‹‹‹‹‹‹‹‹‹‹‹‹‹‹‹‹‹‹‹‹‹‹‹‹‹‹‹‹‹‹‹‹‹‹‹‹‹‹‹‹‹‹‹‹‹‹‹‹‹‹‹‹‹‹‹‹‹‹‹‹‹‹‹‹‹‹‹‹‹‹‹‹‹‹‹‹‹‹‹‹‹‹‹‹‹‹‹‹‹‹‹‹‹‹‹‹‹‹‹‹‹‹‹‹‹‹‹‹‹‹‹‹‹‹‹‹‹‹‹‹‹‹‹‹‹‹‹‹‹‹‹‹‹‹‹‹‹
TMCO4 ‹‹‹‹‹‹‹‹‹‹‹‹‹‹‹‹‹‹‹‹‹‹‹‹‹‹‹‹‹‹‹‹‹‹‹‹‹‹‹‹‹‹‹‹‹‹‹‹‹‹‹‹‹‹‹‹‹‹‹‹‹‹‹‹‹‹‹‹‹‹‹‹‹‹‹‹‹‹‹‹‹‹‹‹‹‹‹‹‹‹‹‹‹‹‹‹‹‹‹‹‹‹‹‹‹‹‹‹‹‹‹‹‹‹‹‹‹‹‹‹‹‹‹‹‹‹‹‹‹‹‹‹‹‹‹‹‹‹‹‹‹‹‹‹‹‹‹‹‹‹‹‹‹‹‹‹‹‹‹‹
TMCO4 ‹‹‹‹‹‹‹‹‹‹‹‹‹‹‹‹‹‹‹‹‹‹‹‹‹‹‹‹‹‹‹‹‹‹‹‹‹‹‹‹‹‹‹‹‹‹‹‹‹‹‹‹‹‹‹‹‹‹‹‹‹‹‹‹‹‹‹‹‹‹‹‹‹‹‹‹‹‹‹‹‹‹‹‹‹‹‹‹‹‹‹‹‹‹‹‹‹‹‹‹‹‹‹‹‹‹‹‹‹‹‹‹‹‹‹‹‹‹‹‹‹‹‹‹‹‹‹‹‹‹‹‹‹‹‹‹‹‹‹‹‹‹‹‹‹‹‹‹‹‹‹‹‹‹‹‹‹‹‹‹
TMCO4 ‹‹‹‹‹‹‹‹‹‹‹‹‹‹‹‹‹‹‹‹‹‹‹‹‹‹‹‹‹‹‹‹‹‹‹‹‹‹‹‹‹‹‹‹‹‹‹‹‹‹‹‹‹‹‹‹‹‹‹‹‹‹‹‹‹‹‹‹‹‹‹‹‹‹‹‹‹‹‹‹‹‹‹‹‹‹‹‹‹‹‹‹‹‹‹‹‹‹‹‹‹‹‹‹‹‹‹‹‹‹‹‹‹‹‹‹‹‹‹‹‹‹‹‹‹‹‹‹‹‹‹‹‹‹‹‹‹‹‹‹‹‹‹‹‹‹‹‹‹‹‹‹‹‹‹‹‹‹‹‹
RefSeq genes from NCBI
RefSeq Curated
Publications: Sequences in Scientific Articles
Sequences
SNPs
OMIM Gene Phenotypes - Dark Green Can Be Disease-causing
OMIM Genes
Short Genetic Variants from dbSNP release 155
Common dbSNP(155)
Gene Expression in 54 tissues from GTEx RNA-seq of 17382 samples, 948 donors (V8, Aug 2019)
TMCO4
H3K27Ac Mark (Often Found Near Active Regulatory Elements) on 7 cell lines from ENCODE
Layered H3K27Ac
100 vertebrates Basewise Conservation by PhyloP
4.88 _
100 Vert. Cons
-4.5 _
Multiz Alignments of 100 Vertebrates
Gaps
Human	C	A	T	G	G	T	A	T	G	T	G
Rhesus	C	A	T	G	G	T	A	T	G	T	G
Mouse	=	=	=	=	=	=	=	=	=	=	=
Dog	-	-	-	-	-	-	-	T	G	T	G
Elephant	-	-	-	-	-	-	-	-	-	-	-
Chicken	=	=	=	=	=	=	=	=	=	=	=
X_tropicalis	=	=	=	=	=	=	=	=	=	=	=
Zebrafish
Repeating Elements by RepeatMasker
RepeatMasker
